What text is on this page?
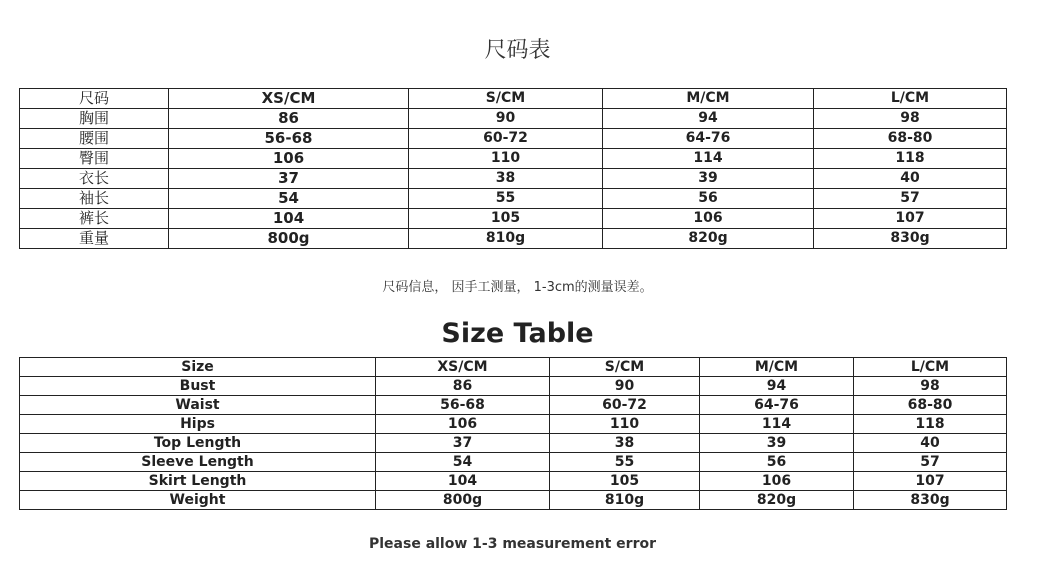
尺码表
尺码	XS/CM	S/CM	M/CM	L/CM
胸围	86	90	94	98
腰围	56-68	60-72	64-76	68-80
臀围	106	110	114	118
衣长	37	38	39	40
袖长	54	55	56	57
裤长	104	105	106	107
重量	800g	810g	820g	830g
尺码信息， 因手工测量， 1-3cm的测量误差。
Size Table
Size	XS/CM	S/CM	M/CM	L/CM
Bust	86	90	94	98
Waist	56-68	60-72	64-76	68-80
Hips	106	110	114	118
Top Length	37	38	39	40
Sleeve Length	54	55	56	57
Skirt Length	104	105	106	107
Weight	800g	810g	820g	830g
Please allow 1-3 measurement error
